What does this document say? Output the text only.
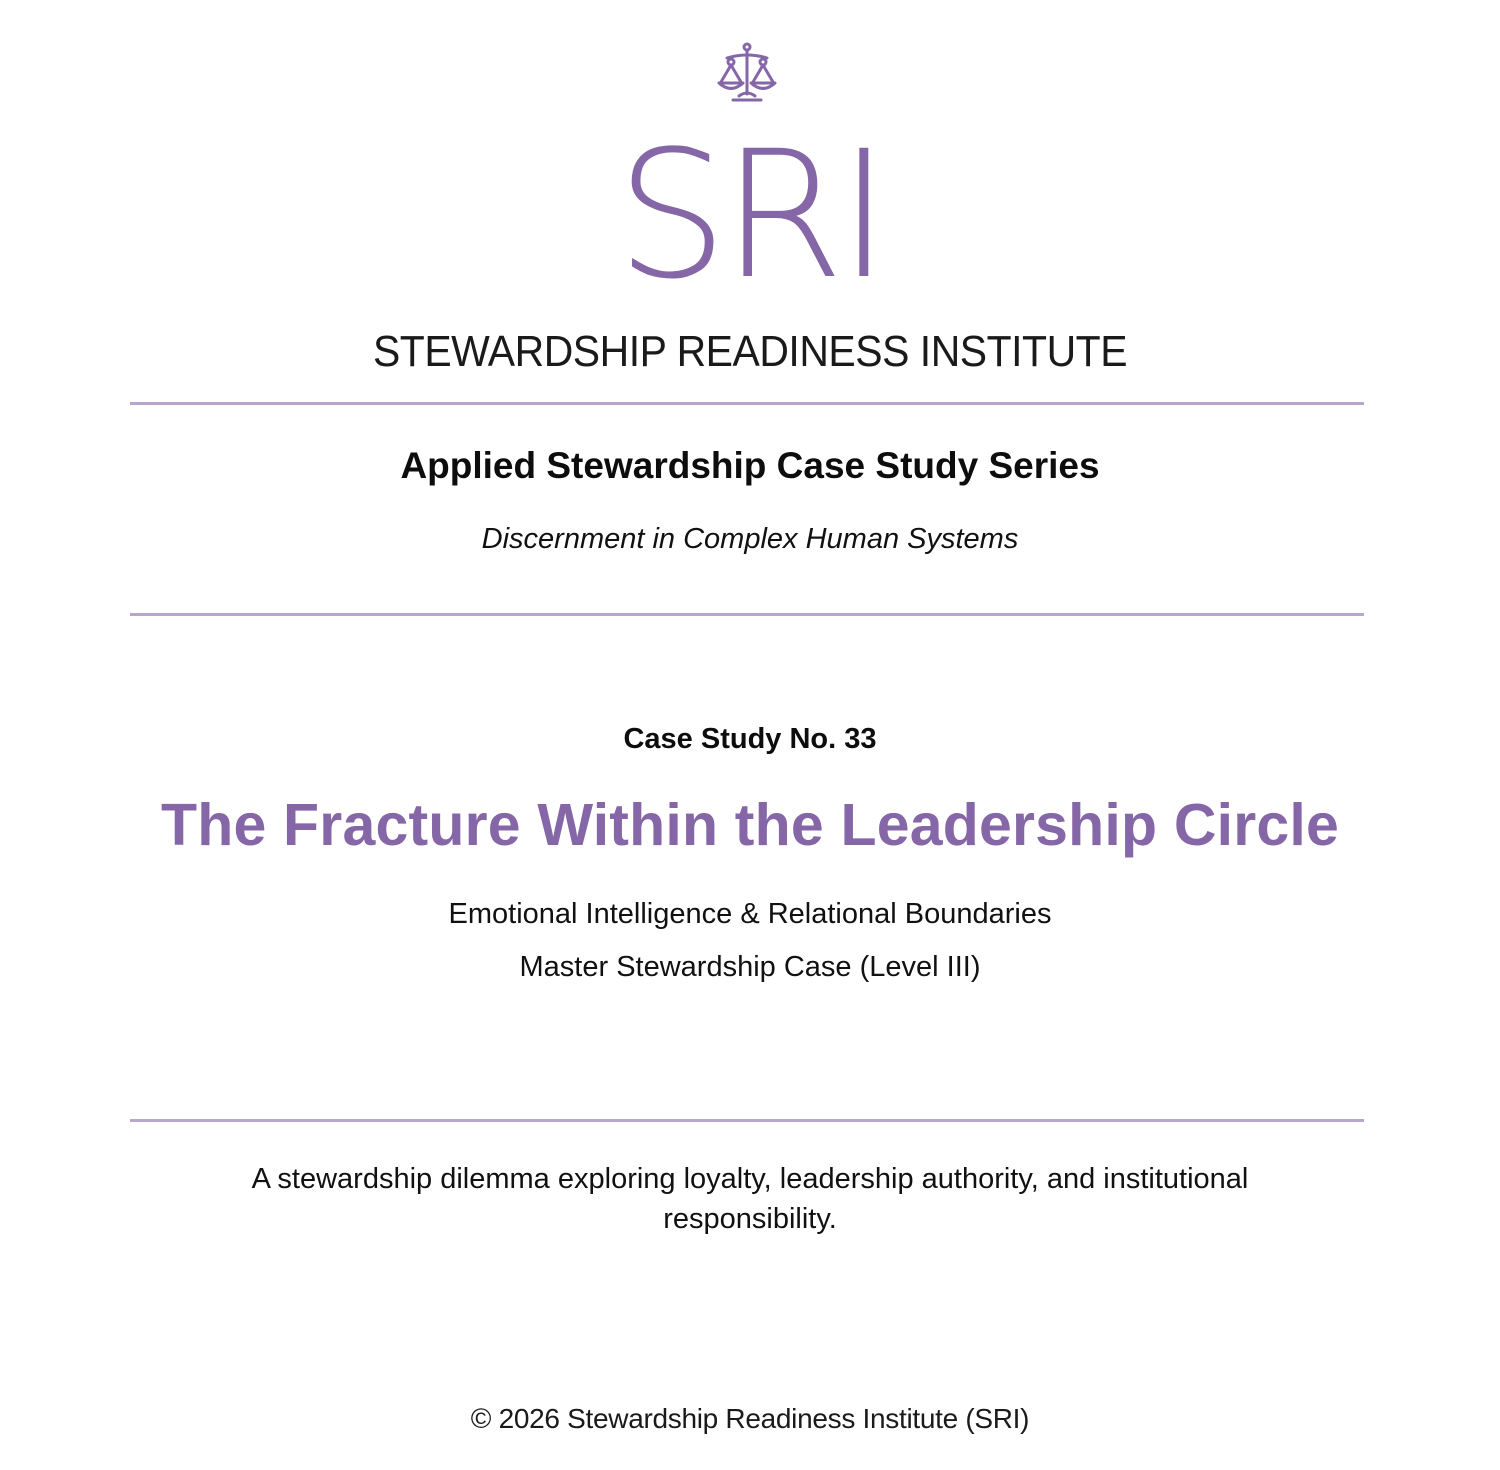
SRI
STEWARDSHIP READINESS INSTITUTE
Applied Stewardship Case Study Series
Discernment in Complex Human Systems
Case Study No. 33
The Fracture Within the Leadership Circle
Emotional Intelligence & Relational Boundaries
Master Stewardship Case (Level III)
A stewardship dilemma exploring loyalty, leadership authority, and institutional responsibility.
© 2026 Stewardship Readiness Institute (SRI)
